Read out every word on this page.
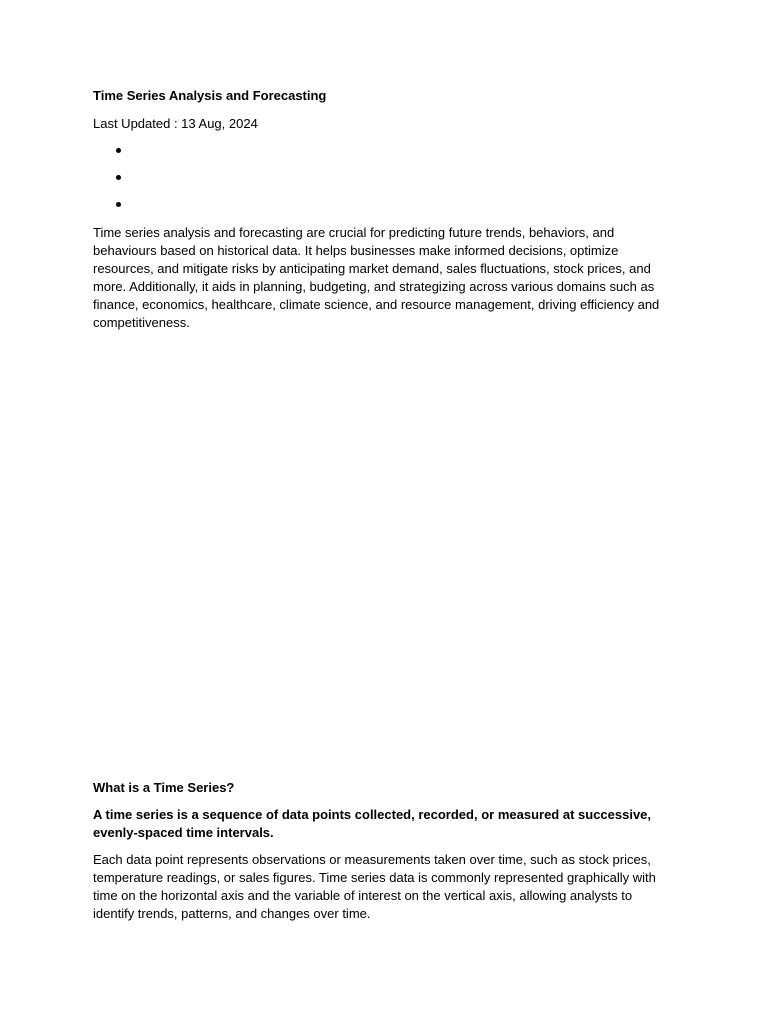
Time Series Analysis and Forecasting

Last Updated : 13 Aug, 2024

Time series analysis and forecasting are crucial for predicting future trends, behaviors, and behaviours based on historical data. It helps businesses make informed decisions, optimize resources, and mitigate risks by anticipating market demand, sales fluctuations, stock prices, and more. Additionally, it aids in planning, budgeting, and strategizing across various domains such as finance, economics, healthcare, climate science, and resource management, driving efficiency and competitiveness.

What is a Time Series?

A time series is a sequence of data points collected, recorded, or measured at successive, evenly-spaced time intervals.

Each data point represents observations or measurements taken over time, such as stock prices, temperature readings, or sales figures. Time series data is commonly represented graphically with time on the horizontal axis and the variable of interest on the vertical axis, allowing analysts to identify trends, patterns, and changes over time.
